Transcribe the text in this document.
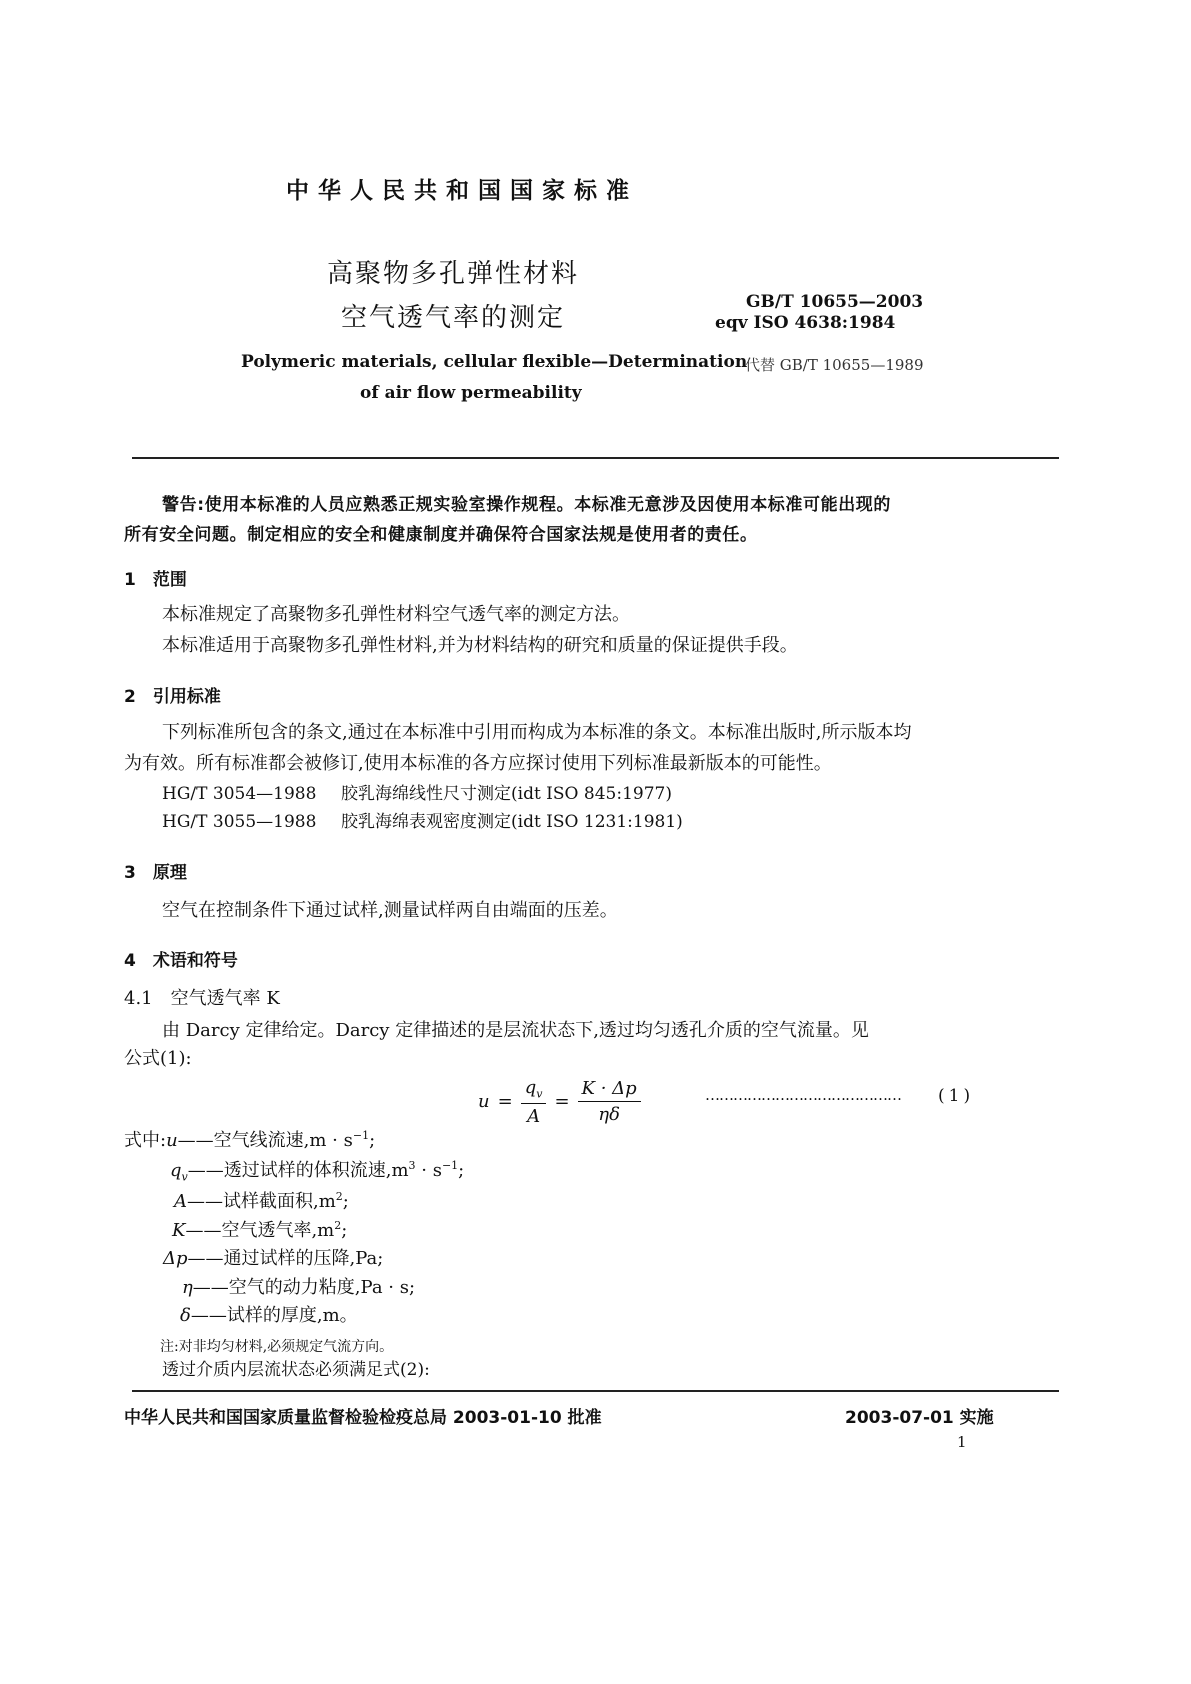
中华人民共和国国家标准
高聚物多孔弹性材料
空气透气率的测定
GB/T 10655—2003
eqv ISO 4638:1984
Polymeric materials, cellular flexible—Determination
of air flow permeability
代替 GB/T 10655—1989
警告:使用本标准的人员应熟悉正规实验室操作规程。本标准无意涉及因使用本标准可能出现的
所有安全问题。制定相应的安全和健康制度并确保符合国家法规是使用者的责任。
1　范围
本标准规定了高聚物多孔弹性材料空气透气率的测定方法。
本标准适用于高聚物多孔弹性材料,并为材料结构的研究和质量的保证提供手段。
2　引用标准
下列标准所包含的条文,通过在本标准中引用而构成为本标准的条文。本标准出版时,所示版本均
为有效。所有标准都会被修订,使用本标准的各方应探讨使用下列标准最新版本的可能性。
HG/T 3054—1988 胶乳海绵线性尺寸测定(idt ISO 845:1977)
HG/T 3055—1988 胶乳海绵表观密度测定(idt ISO 1231:1981)
3　原理
空气在控制条件下通过试样,测量试样两自由端面的压差。
4　术语和符号
4.1　空气透气率 K
由 Darcy 定律给定。Darcy 定律描述的是层流状态下,透过均匀透孔介质的空气流量。见
公式(1):
$u = \frac{q_v}{A} = \frac{K \cdot \Delta p}{\eta\delta}$	…………………………………… (1)
式中:u——空气线流速$,m \cdot s^{-1}$;
$q_v——$透过试样的体积流速$,m^3 \cdot s^{-1}$;
A——试样截面积$,m^2$;
K——空气透气率$,m^2$;
Δp——通过试样的压降,Pa;
η——空气的动力粘度,Pa · s;
δ——试样的厚度,m。
注:对非均匀材料,必须规定气流方向。
透过介质内层流状态必须满足式(2):
中华人民共和国国家质量监督检验检疫总局 2003-01-10 批准	2003-07-01 实施
1
